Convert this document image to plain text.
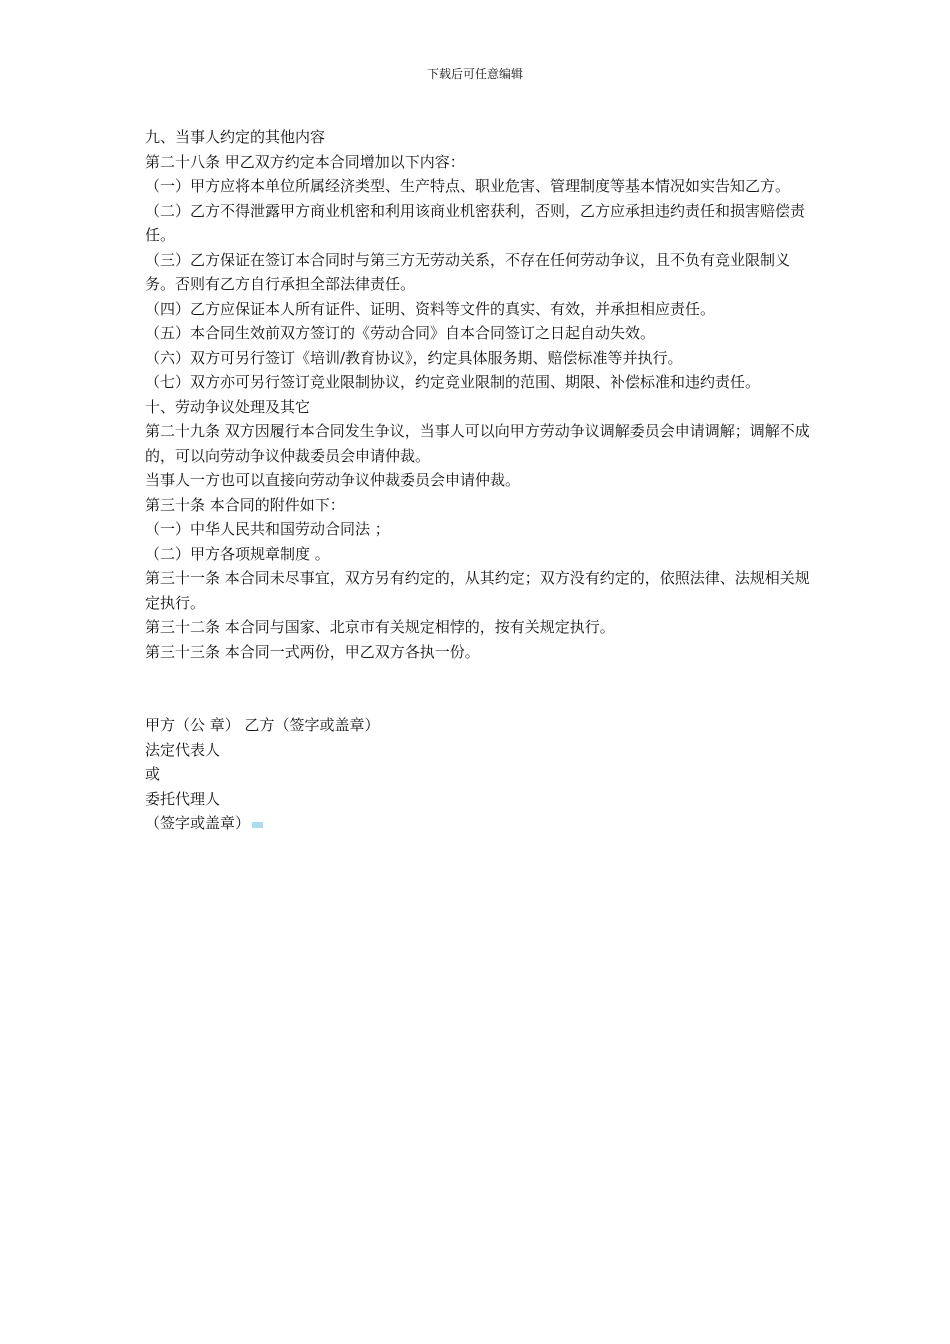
下载后可任意编辑

九、当事人约定的其他内容

第二十八条 甲乙双方约定本合同增加以下内容：

（一）甲方应将本单位所属经济类型、生产特点、职业危害、管理制度等基本情况如实告知乙方。

（二）乙方不得泄露甲方商业机密和利用该商业机密获利，否则，乙方应承担违约责任和损害赔偿责任。

（三）乙方保证在签订本合同时与第三方无劳动关系，不存在任何劳动争议，且不负有竞业限制义务。否则有乙方自行承担全部法律责任。

（四）乙方应保证本人所有证件、证明、资料等文件的真实、有效，并承担相应责任。

（五）本合同生效前双方签订的《劳动合同》自本合同签订之日起自动失效。

（六）双方可另行签订《培训/教育协议》，约定具体服务期、赔偿标准等并执行。

（七）双方亦可另行签订竞业限制协议，约定竞业限制的范围、期限、补偿标准和违约责任。

十、劳动争议处理及其它

第二十九条 双方因履行本合同发生争议，当事人可以向甲方劳动争议调解委员会申请调解；调解不成的，可以向劳动争议仲裁委员会申请仲裁。

当事人一方也可以直接向劳动争议仲裁委员会申请仲裁。

第三十条 本合同的附件如下：

（一）中华人民共和国劳动合同法 ；

（二）甲方各项规章制度 。

第三十一条 本合同未尽事宜，双方另有约定的，从其约定；双方没有约定的，依照法律、法规相关规定执行。

第三十二条 本合同与国家、北京市有关规定相悖的，按有关规定执行。

第三十三条 本合同一式两份，甲乙双方各执一份。

甲方（公 章） 乙方（签字或盖章）

法定代表人

或

委托代理人

（签字或盖章）
